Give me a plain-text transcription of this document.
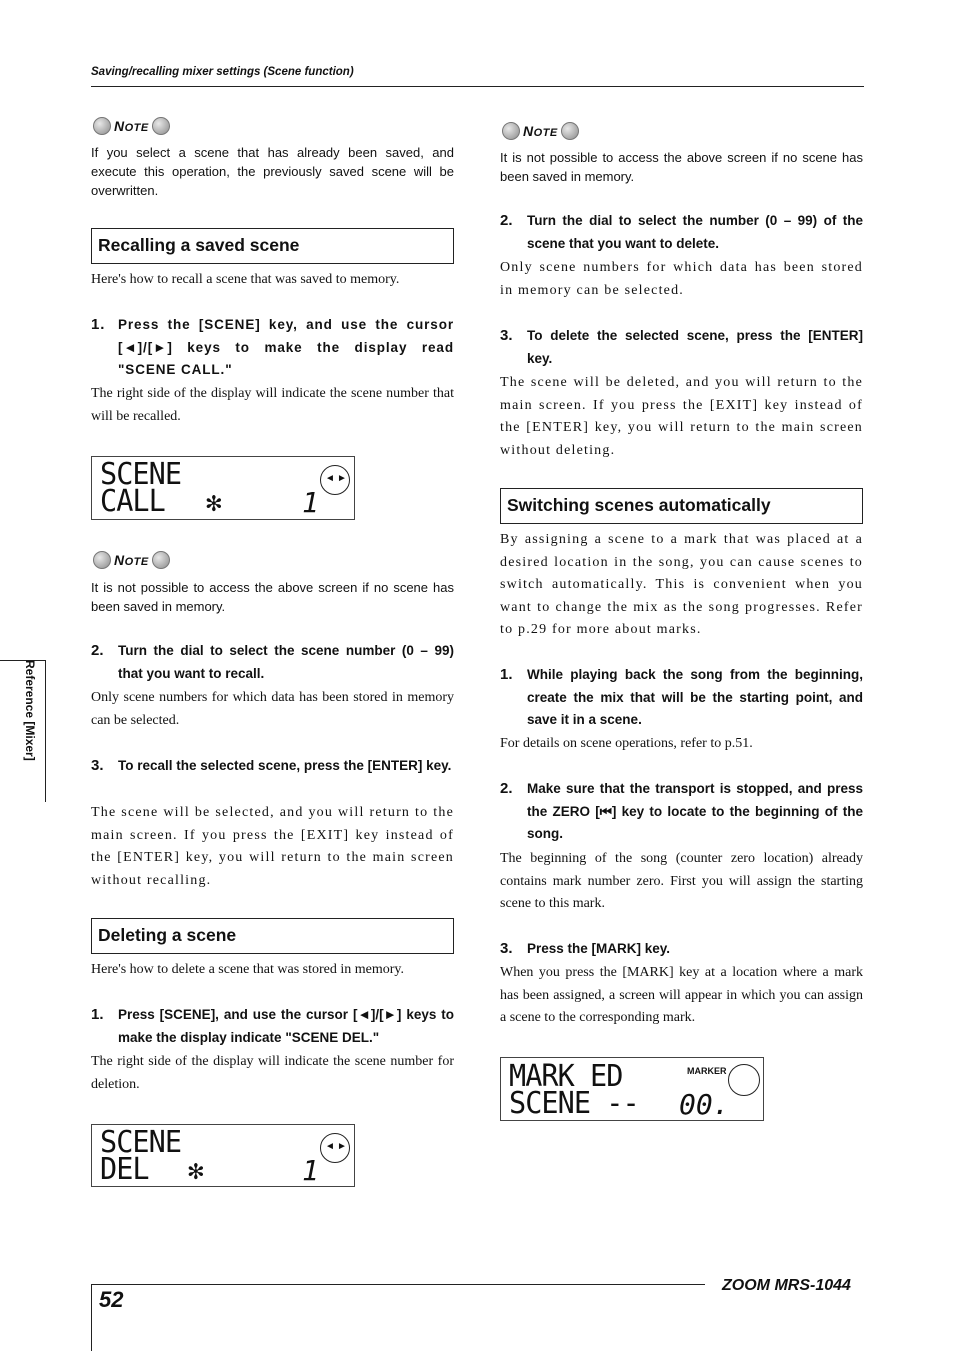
Saving/recalling mixer settings (Scene function)
NOTE
If you select a scene that has already been saved, and execute this operation, the previously saved scene will be overwritten.
Recalling a saved scene
Here's how to recall a scene that was saved to memory.
1. Press the [SCENE] key, and use the cursor [◄]/[►] keys to make the display read "SCENE CALL."
The right side of the display will indicate the scene number that will be recalled.
SCENE
CALL ✻	1
◄ ►
NOTE
It is not possible to access the above screen if no scene has been saved in memory.
2. Turn the dial to select the scene number (0 – 99) that you want to recall.
Only scene numbers for which data has been stored in memory can be selected.
3. To recall the selected scene, press the [ENTER] key.
The scene will be selected, and you will return to the main screen. If you press the [EXIT] key instead of the [ENTER] key, you will return to the main screen without recalling.
Deleting a scene
Here's how to delete a scene that was stored in memory.
1. Press [SCENE], and use the cursor [◄]/[►] keys to make the display indicate "SCENE DEL."
The right side of the display will indicate the scene number for deletion.
SCENE
DEL ✻	1
◄ ►
NOTE
It is not possible to access the above screen if no scene has been saved in memory.
2. Turn the dial to select the number (0 – 99) of the scene that you want to delete.
Only scene numbers for which data has been stored in memory can be selected.
3. To delete the selected scene, press the [ENTER] key.
The scene will be deleted, and you will return to the main screen. If you press the [EXIT] key instead of the [ENTER] key, you will return to the main screen without deleting.
Switching scenes automatically
By assigning a scene to a mark that was placed at a desired location in the song, you can cause scenes to switch automatically. This is convenient when you want to change the mix as the song progresses. Refer to p.29 for more about marks.
1. While playing back the song from the beginning, create the mix that will be the starting point, and save it in a scene.
For details on scene operations, refer to p.51.
2. Make sure that the transport is stopped, and press the ZERO [⏮] key to locate to the beginning of the song.
The beginning of the song (counter zero location) already contains mark number zero. First you will assign the starting scene to this mark.
3. Press the [MARK] key.
When you press the [MARK] key at a location where a mark has been assigned, a screen will appear in which you can assign a scene to the corresponding mark.
MARK ED
SCENE -- 00.
MARKER
Reference [Mixer]
52
ZOOM MRS-1044
